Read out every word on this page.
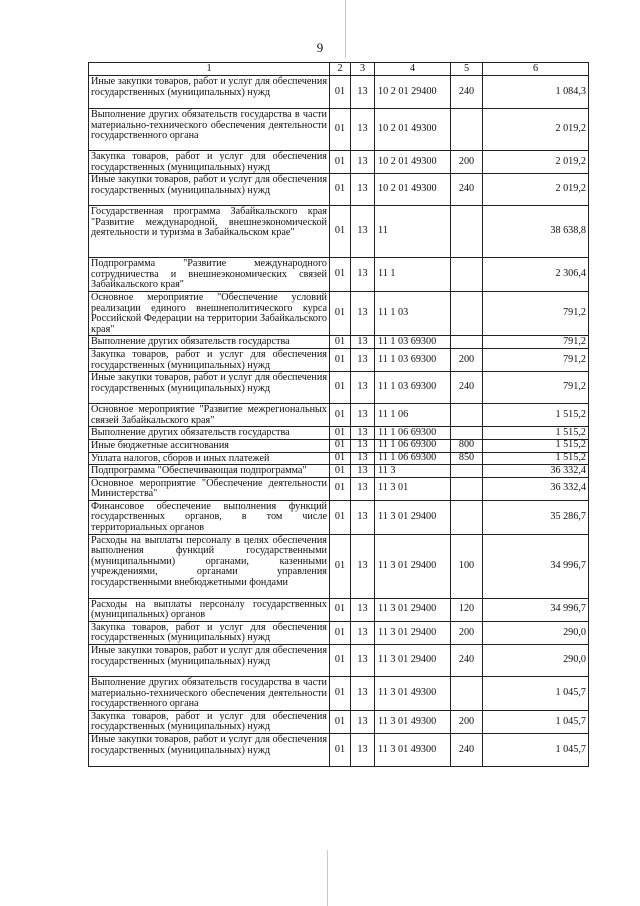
9
1	2	3	4	5	6
Иные закупки товаров, работ и услуг для обеспечения государственных (муниципальных) нужд	01	13	10 2 01 29400	240	1 084,3
Выполнение других обязательств государства в части материально-технического обеспечения деятельности государственного органа	01	13	10 2 01 49300		2 019,2
Закупка товаров, работ и услуг для обеспечения государственных (муниципальных) нужд	01	13	10 2 01 49300	200	2 019,2
Иные закупки товаров, работ и услуг для обеспечения государственных (муниципальных) нужд	01	13	10 2 01 49300	240	2 019,2
Государственная программа Забайкальского края "Развитие международной, внешнеэкономической деятельности и туризма в Забайкальском крае"	01	13	11		38 638,8
Подпрограмма "Развитие международного сотрудничества и внешнеэкономических связей Забайкальского края"	01	13	11 1		2 306,4
Основное мероприятие "Обеспечение условий реализации единого внешнеполитического курса Российской Федерации на территории Забайкальского края"	01	13	11 1 03		791,2
Выполнение других обязательств государства	01	13	11 1 03 69300		791,2
Закупка товаров, работ и услуг для обеспечения государственных (муниципальных) нужд	01	13	11 1 03 69300	200	791,2
Иные закупки товаров, работ и услуг для обеспечения государственных (муниципальных) нужд	01	13	11 1 03 69300	240	791,2
Основное мероприятие "Развитие межрегиональных связей Забайкальского края"	01	13	11 1 06		1 515,2
Выполнение других обязательств государства	01	13	11 1 06 69300		1 515,2
Иные бюджетные ассигнования	01	13	11 1 06 69300	800	1 515,2
Уплата налогов, сборов и иных платежей	01	13	11 1 06 69300	850	1 515,2
Подпрограмма "Обеспечивающая подпрограмма"	01	13	11 3		36 332,4
Основное мероприятие "Обеспечение деятельности Министерства"	01	13	11 3 01		36 332,4
Финансовое обеспечение выполнения функций государственных органов, в том числе территориальных органов	01	13	11 3 01 29400		35 286,7
Расходы на выплаты персоналу в целях обеспечения выполнения функций государственными (муниципальными) органами, казенными учреждениями, органами управления государственными внебюджетными фондами	01	13	11 3 01 29400	100	34 996,7
Расходы на выплаты персоналу государственных (муниципальных) органов	01	13	11 3 01 29400	120	34 996,7
Закупка товаров, работ и услуг для обеспечения государственных (муниципальных) нужд	01	13	11 3 01 29400	200	290,0
Иные закупки товаров, работ и услуг для обеспечения государственных (муниципальных) нужд	01	13	11 3 01 29400	240	290,0
Выполнение других обязательств государства в части материально-технического обеспечения деятельности государственного органа	01	13	11 3 01 49300		1 045,7
Закупка товаров, работ и услуг для обеспечения государственных (муниципальных) нужд	01	13	11 3 01 49300	200	1 045,7
Иные закупки товаров, работ и услуг для обеспечения государственных (муниципальных) нужд	01	13	11 3 01 49300	240	1 045,7
